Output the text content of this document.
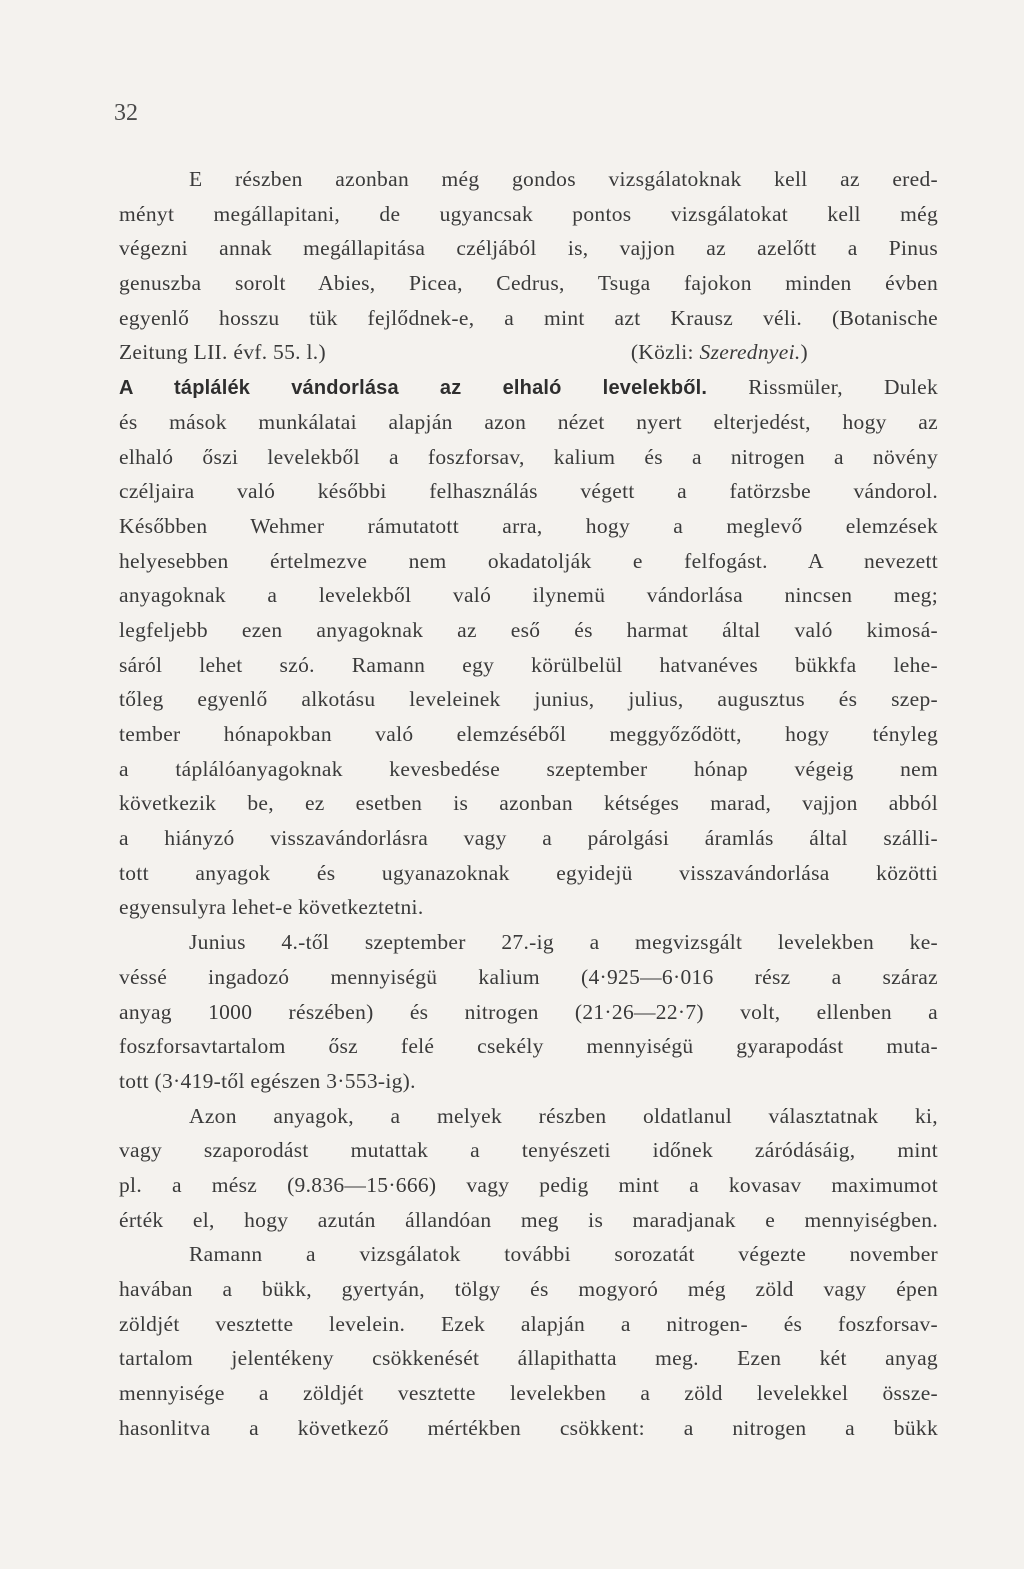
32
E részben azonban még gondos vizsgálatoknak kell az ered-
ményt megállapitani, de ugyancsak pontos vizsgálatokat kell még
végezni annak megállapitása czéljából is, vajjon az azelőtt a Pinus
genuszba sorolt Abies, Picea, Cedrus, Tsuga fajokon minden évben
egyenlő hosszu tük fejlődnek-e, a mint azt Krausz véli. (Botanische
Zeitung LII. évf. 55. l.)	(Közli: Szerednyei.)
A táplálék vándorlása az elhaló levelekből. Rissmüler, Dulek
és mások munkálatai alapján azon nézet nyert elterjedést, hogy az
elhaló őszi levelekből a foszforsav, kalium és a nitrogen a növény
czéljaira való későbbi felhasználás végett a fatörzsbe vándorol.
Későbben Wehmer rámutatott arra, hogy a meglevő elemzések
helyesebben értelmezve nem okadatolják e felfogást. A nevezett
anyagoknak a levelekből való ilynemü vándorlása nincsen meg;
legfeljebb ezen anyagoknak az eső és harmat által való kimosá-
sáról lehet szó. Ramann egy körülbelül hatvanéves bükkfa lehe-
tőleg egyenlő alkotásu leveleinek junius, julius, augusztus és szep-
tember hónapokban való elemzéséből meggyőződött, hogy tényleg
a táplálóanyagoknak kevesbedése szeptember hónap végeig nem
következik be, ez esetben is azonban kétséges marad, vajjon abból
a hiányzó visszavándorlásra vagy a párolgási áramlás által szálli-
tott anyagok és ugyanazoknak egyidejü visszavándorlása közötti
egyensulyra lehet-e következtetni.
Junius 4.-től szeptember 27.-ig a megvizsgált levelekben ke-
véssé ingadozó mennyiségü kalium (4·925—6·016 rész a száraz
anyag 1000 részében) és nitrogen (21·26—22·7) volt, ellenben a
foszforsavtartalom ősz felé csekély mennyiségü gyarapodást muta-
tott (3·419-től egészen 3·553-ig).
Azon anyagok, a melyek részben oldatlanul választatnak ki,
vagy szaporodást mutattak a tenyészeti időnek záródásáig, mint
pl. a mész (9.836—15·666) vagy pedig mint a kovasav maximumot
érték el, hogy azután állandóan meg is maradjanak e mennyiségben.
Ramann a vizsgálatok további sorozatát végezte november
havában a bükk, gyertyán, tölgy és mogyoró még zöld vagy épen
zöldjét vesztette levelein. Ezek alapján a nitrogen- és foszforsav-
tartalom jelentékeny csökkenését állapithatta meg. Ezen két anyag
mennyisége a zöldjét vesztette levelekben a zöld levelekkel össze-
hasonlitva a következő mértékben csökkent: a nitrogen a bükk
